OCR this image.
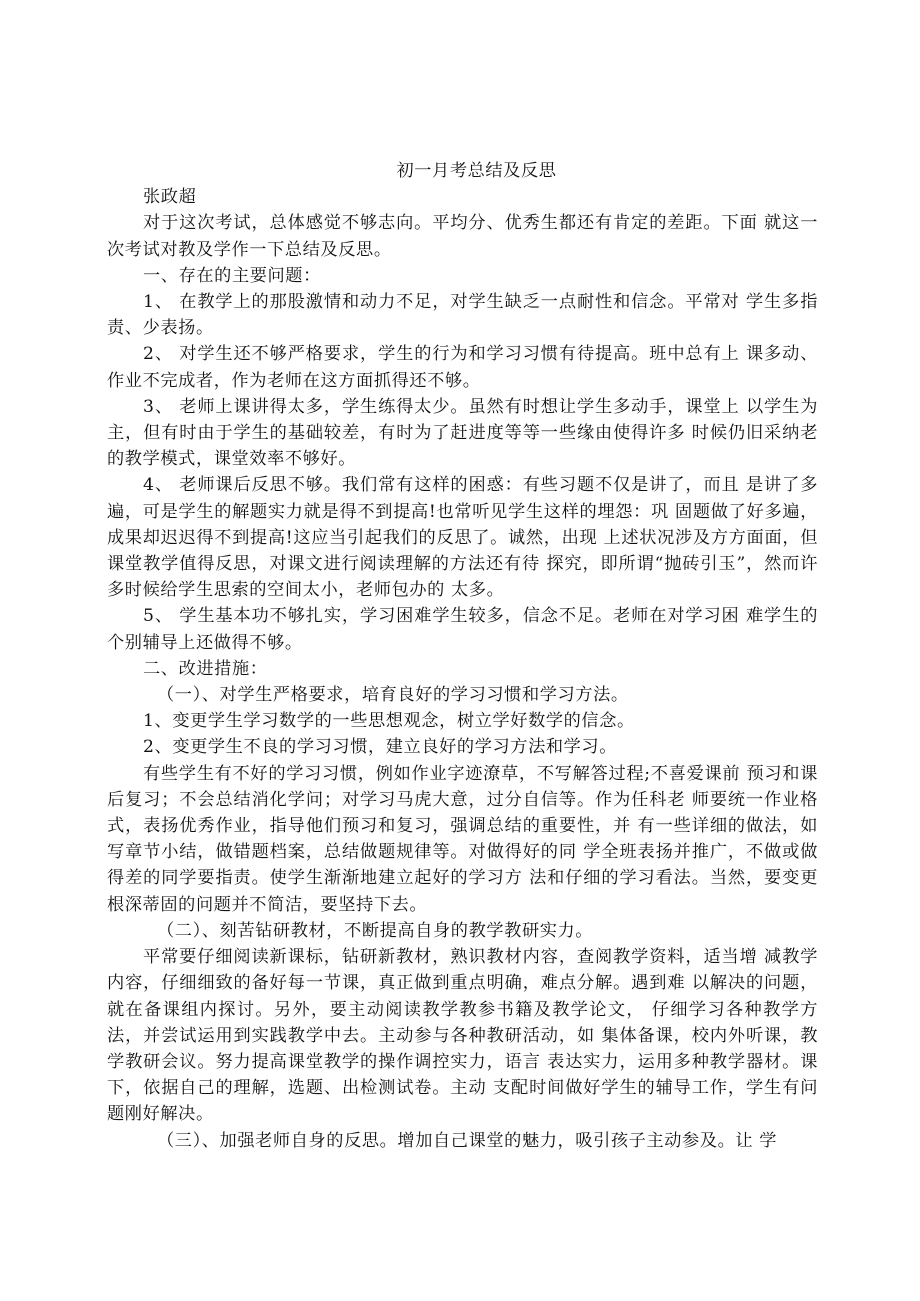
初一月考总结及反思

张政超

对于这次考试，总体感觉不够志向。平均分、优秀生都还有肯定的差距。下面 就这一次考试对教及学作一下总结及反思。

一、存在的主要问题：

1、 在教学上的那股激情和动力不足，对学生缺乏一点耐性和信念。平常对 学生多指责、少表扬。

2、 对学生还不够严格要求，学生的行为和学习习惯有待提高。班中总有上 课多动、作业不完成者，作为老师在这方面抓得还不够。

3、 老师上课讲得太多，学生练得太少。虽然有时想让学生多动手，课堂上 以学生为主，但有时由于学生的基础较差，有时为了赶进度等等一些缘由使得许多 时候仍旧采纳老的教学模式，课堂效率不够好。

4、 老师课后反思不够。我们常有这样的困惑：有些习题不仅是讲了，而且 是讲了多遍，可是学生的解题实力就是得不到提高!也常听见学生这样的埋怨：巩 固题做了好多遍，成果却迟迟得不到提高!这应当引起我们的反思了。诚然，出现 上述状况涉及方方面面，但课堂教学值得反思，对课文进行阅读理解的方法还有待 探究，即所谓“抛砖引玉”，然而许多时候给学生思索的空间太小，老师包办的 太多。

5、 学生基本功不够扎实，学习困难学生较多，信念不足。老师在对学习困 难学生的个别辅导上还做得不够。

二、改进措施：

（一）、对学生严格要求，培育良好的学习习惯和学习方法。

1、变更学生学习数学的一些思想观念，树立学好数学的信念。

2、变更学生不良的学习习惯，建立良好的学习方法和学习。

有些学生有不好的学习习惯，例如作业字迹潦草，不写解答过程;不喜爱课前 预习和课后复习；不会总结消化学问；对学习马虎大意，过分自信等。作为任科老 师要统一作业格式，表扬优秀作业，指导他们预习和复习，强调总结的重要性，并 有一些详细的做法，如写章节小结，做错题档案，总结做题规律等。对做得好的同 学全班表扬并推广，不做或做得差的同学要指责。使学生渐渐地建立起好的学习方 法和仔细的学习看法。当然，要变更根深蒂固的问题并不简洁，要坚持下去。

（二）、刻苦钻研教材，不断提高自身的教学教研实力。

平常要仔细阅读新课标，钻研新教材，熟识教材内容，查阅教学资料，适当增 减教学内容，仔细细致的备好每一节课，真正做到重点明确，难点分解。遇到难 以解决的问题，就在备课组内探讨。另外，要主动阅读教学教参书籍及教学论文， 仔细学习各种教学方法，并尝试运用到实践教学中去。主动参与各种教研活动，如 集体备课，校内外听课，教学教研会议。努力提高课堂教学的操作调控实力，语言 表达实力，运用多种教学器材。课下，依据自己的理解，选题、出检测试卷。主动 支配时间做好学生的辅导工作，学生有问题刚好解决。

（三）、加强老师自身的反思。增加自己课堂的魅力，吸引孩子主动参及。让 学
